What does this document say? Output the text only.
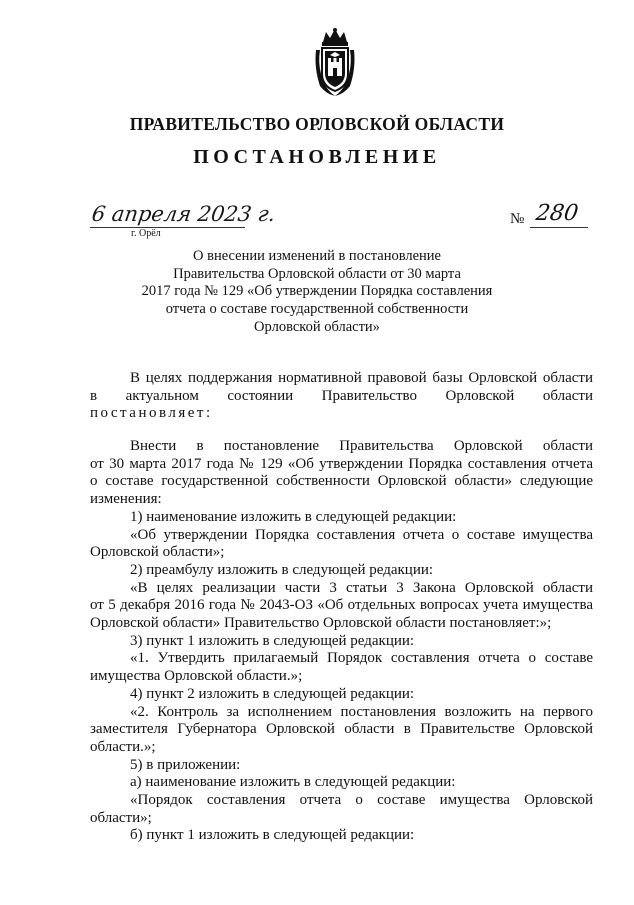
ПРАВИТЕЛЬСТВО ОРЛОВСКОЙ ОБЛАСТИ
ПОСТАНОВЛЕНИЕ
6 апреля 2023 г.
г. Орёл
№ 280
О внесении изменений в постановление
Правительства Орловской области от 30 марта
2017 года № 129 «Об утверждении Порядка составления
отчета о составе государственной собственности
Орловской области»
В целях поддержания нормативной правовой базы Орловской области
в актуальном состоянии Правительство Орловской области
постановляет:
Внести в постановление Правительства Орловской области
от 30 марта 2017 года № 129 «Об утверждении Порядка составления отчета
о составе государственной собственности Орловской области» следующие
изменения:
1) наименование изложить в следующей редакции:
«Об утверждении Порядка составления отчета о составе имущества
Орловской области»;
2) преамбулу изложить в следующей редакции:
«В целях реализации части 3 статьи 3 Закона Орловской области
от 5 декабря 2016 года № 2043-ОЗ «Об отдельных вопросах учета имущества
Орловской области» Правительство Орловской области постановляет:»;
3) пункт 1 изложить в следующей редакции:
«1. Утвердить прилагаемый Порядок составления отчета о составе
имущества Орловской области.»;
4) пункт 2 изложить в следующей редакции:
«2. Контроль за исполнением постановления возложить на первого
заместителя Губернатора Орловской области в Правительстве Орловской
области.»;
5) в приложении:
а) наименование изложить в следующей редакции:
«Порядок составления отчета о составе имущества Орловской
области»;
б) пункт 1 изложить в следующей редакции:
